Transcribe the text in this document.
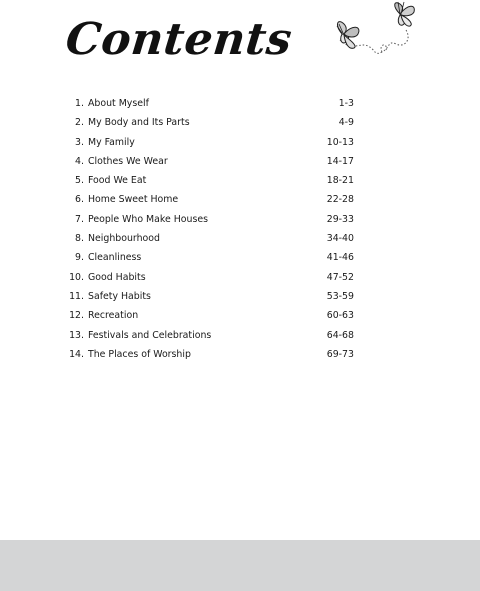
Contents
1. About Myself	1-3
2. My Body and Its Parts	4-9
3. My Family	10-13
4. Clothes We Wear	14-17
5. Food We Eat	18-21
6. Home Sweet Home	22-28
7. People Who Make Houses	29-33
8. Neighbourhood	34-40
9. Cleanliness	41-46
10. Good Habits	47-52
11. Safety Habits	53-59
12. Recreation	60-63
13. Festivals and Celebrations	64-68
14. The Places of Worship	69-73
